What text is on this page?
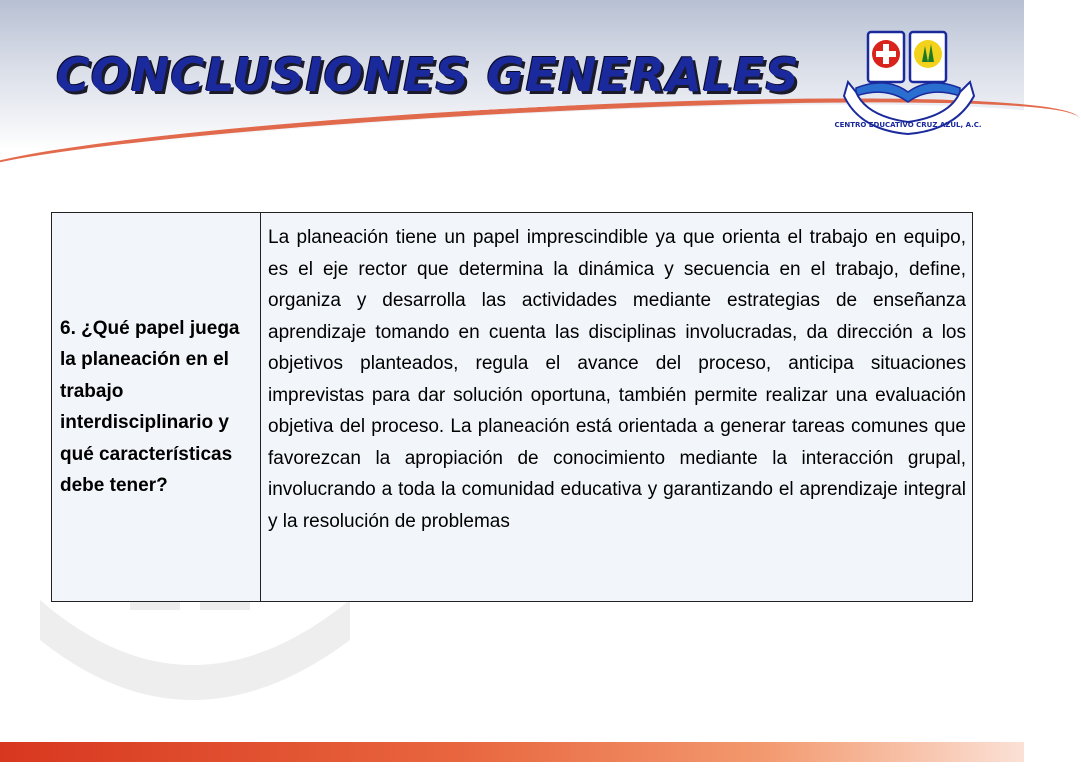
CONCLUSIONES GENERALES
CENTRO EDUCATIVO CRUZ AZUL, A.C.
6. ¿Qué papel juega la planeación en el trabajo interdisciplinario y qué características debe tener?

La planeación tiene un papel imprescindible ya que orienta el trabajo en equipo, es el eje rector que determina la dinámica y secuencia en el trabajo, define, organiza y desarrolla las actividades mediante estrategias de enseñanza aprendizaje tomando en cuenta las disciplinas involucradas, da dirección a los objetivos planteados, regula el avance del proceso, anticipa situaciones imprevistas para dar solución oportuna, también permite realizar una evaluación objetiva del proceso. La planeación está orientada a generar tareas comunes que favorezcan la apropiación de conocimiento mediante la interacción grupal, involucrando a toda la comunidad educativa y garantizando el aprendizaje integral y la resolución de problemas
